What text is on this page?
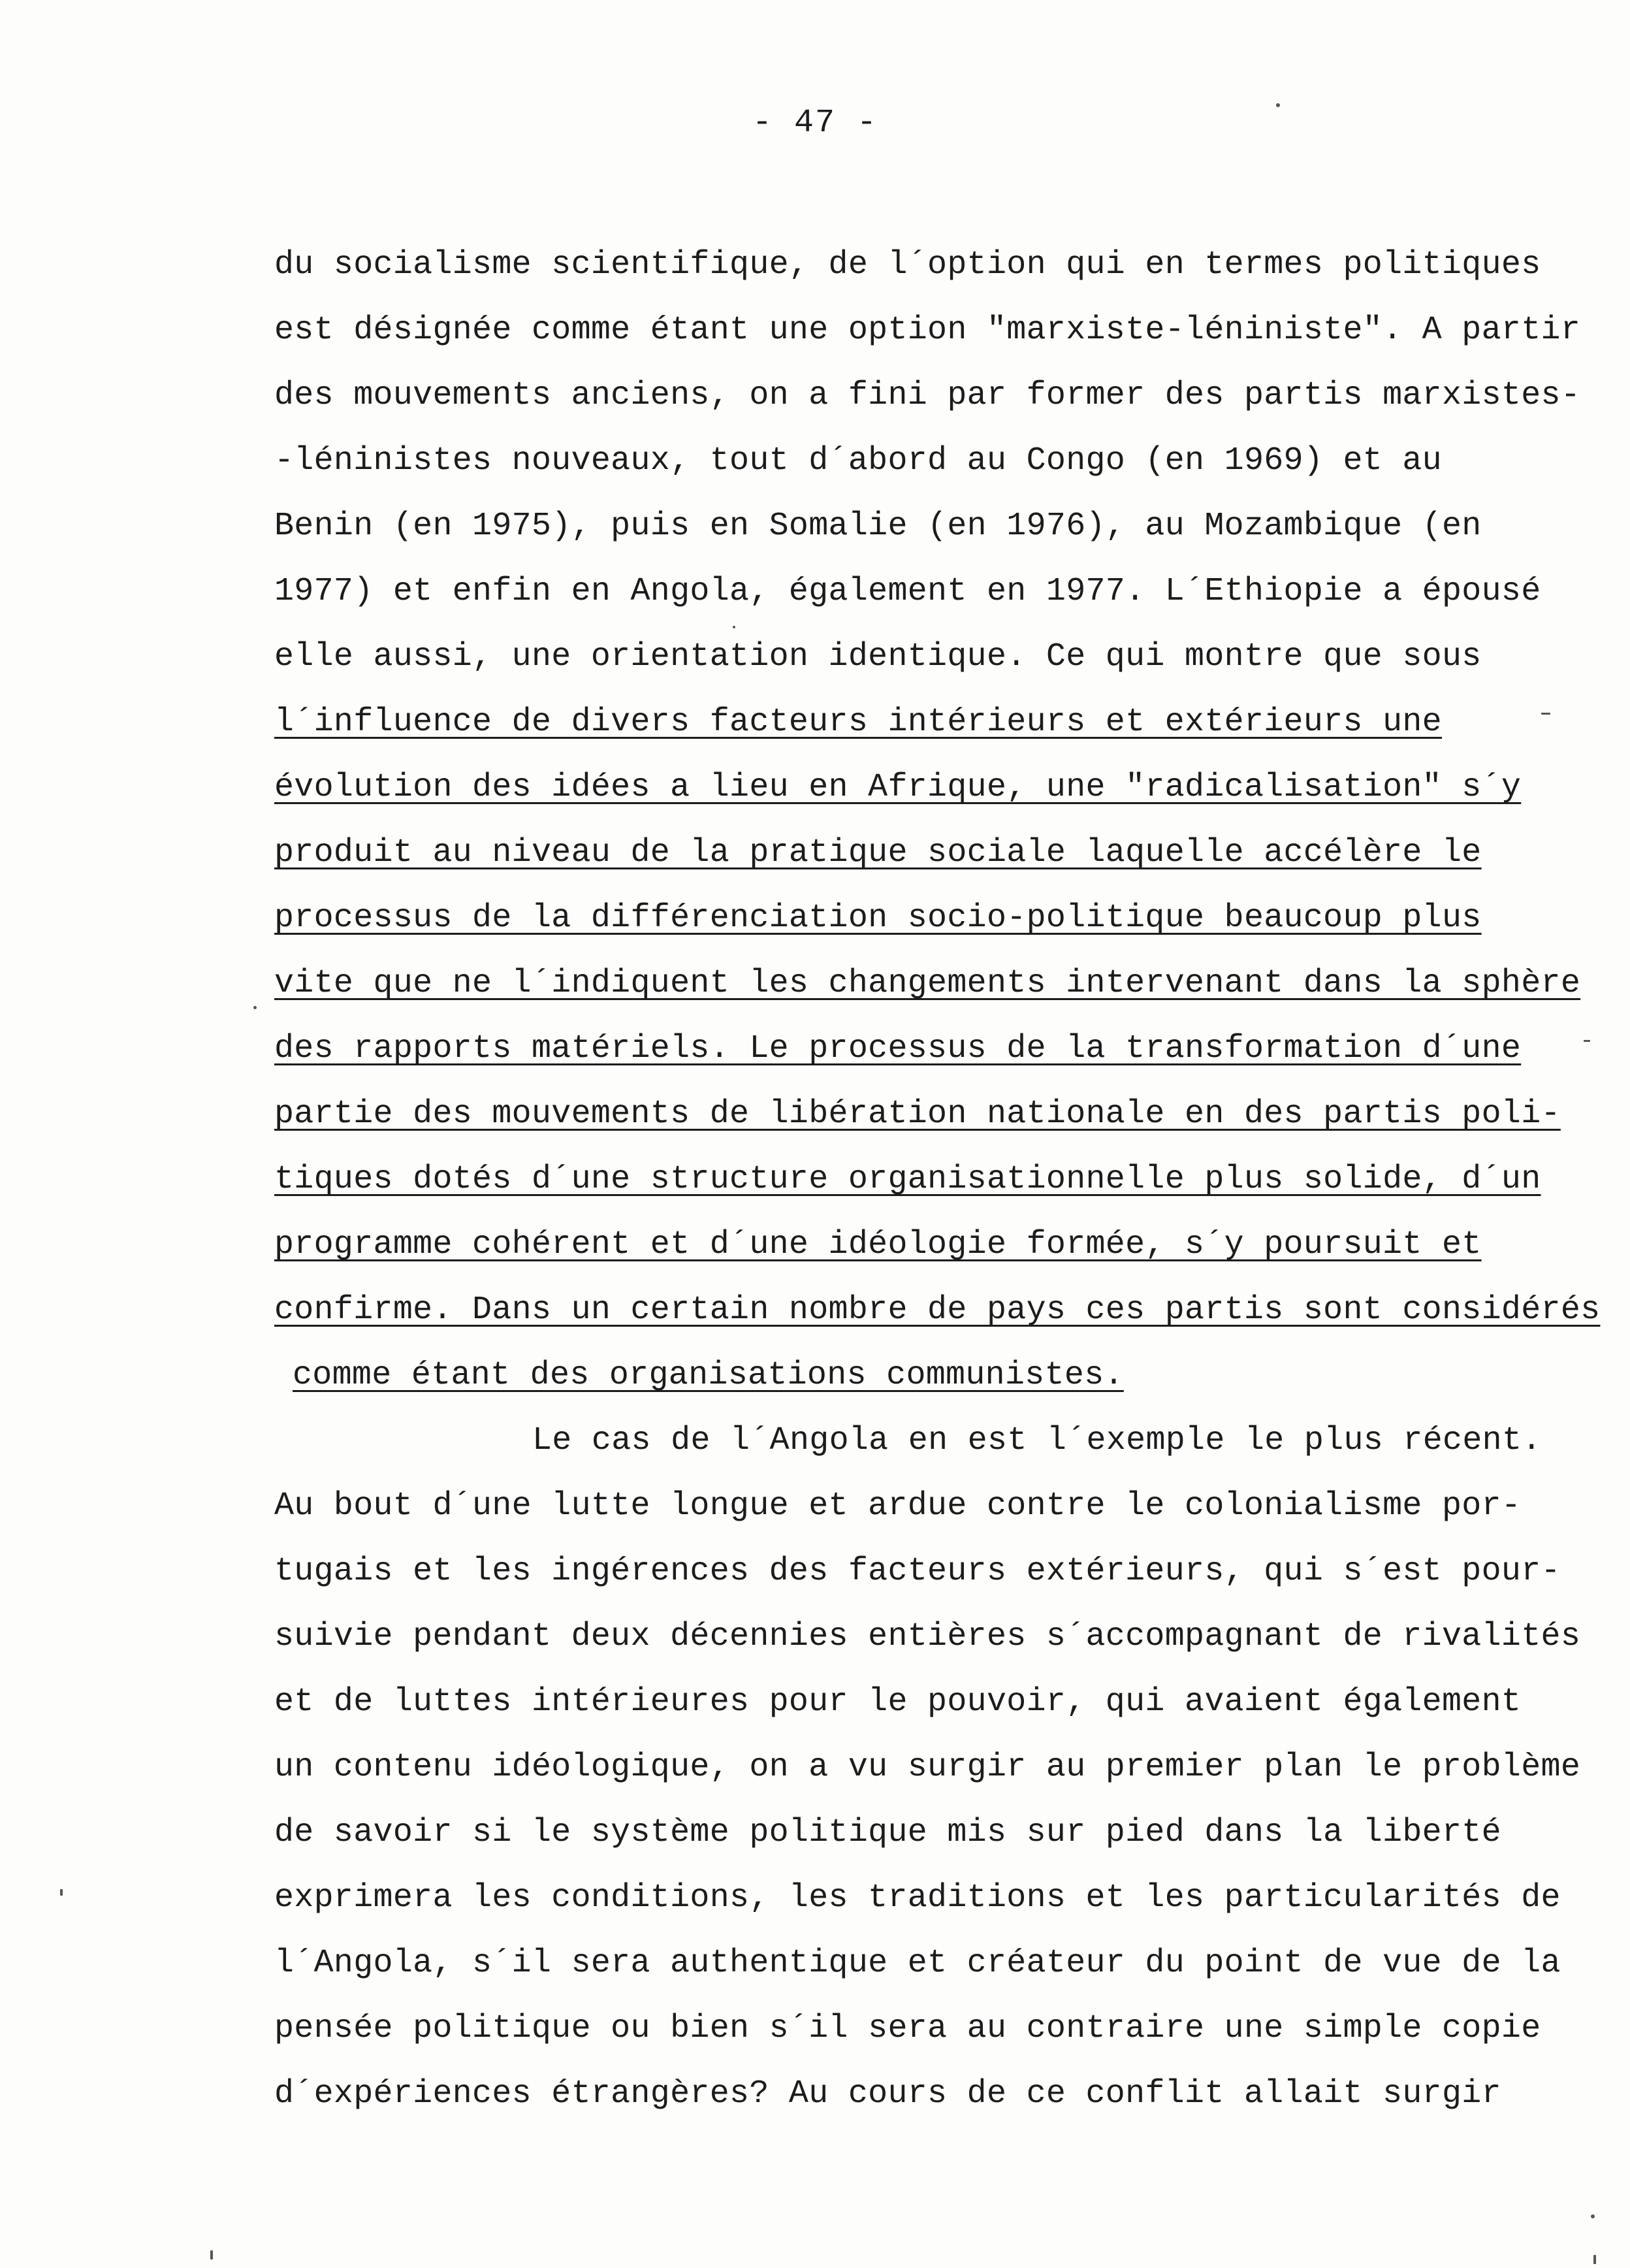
- 47 -
du socialisme scientifique, de l´option qui en termes politiques
est désignée comme étant une option "marxiste-léniniste". A partir
des mouvements anciens, on a fini par former des partis marxistes-
-léninistes nouveaux, tout d´abord au Congo (en 1969) et au
Benin (en 1975), puis en Somalie (en 1976), au Mozambique (en
1977) et enfin en Angola, également en 1977. L´Ethiopie a épousé
elle aussi, une orientation identique. Ce qui montre que sous
l´influence de divers facteurs intérieurs et extérieurs une
évolution des idées a lieu en Afrique, une "radicalisation" s´y
produit au niveau de la pratique sociale laquelle accélère le
processus de la différenciation socio-politique beaucoup plus
vite que ne l´indiquent les changements intervenant dans la sphère
des rapports matériels. Le processus de la transformation d´une
partie des mouvements de libération nationale en des partis poli-
tiques dotés d´une structure organisationnelle plus solide, d´un
programme cohérent et d´une idéologie formée, s´y poursuit et
confirme. Dans un certain nombre de pays ces partis sont considérés
comme étant des organisations communistes.
Le cas de l´Angola en est l´exemple le plus récent.
Au bout d´une lutte longue et ardue contre le colonialisme por-
tugais et les ingérences des facteurs extérieurs, qui s´est pour-
suivie pendant deux décennies entières s´accompagnant de rivalités
et de luttes intérieures pour le pouvoir, qui avaient également
un contenu idéologique, on a vu surgir au premier plan le problème
de savoir si le système politique mis sur pied dans la liberté
exprimera les conditions, les traditions et les particularités de
l´Angola, s´il sera authentique et créateur du point de vue de la
pensée politique ou bien s´il sera au contraire une simple copie
d´expériences étrangères? Au cours de ce conflit allait surgir
